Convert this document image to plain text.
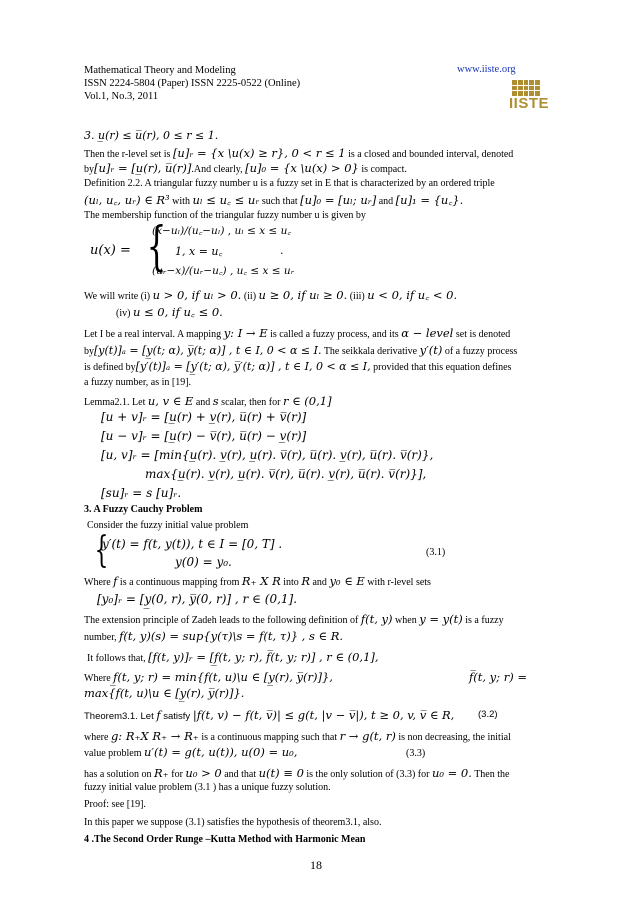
Mathematical Theory and Modeling
ISSN 2224-5804 (Paper) ISSN 2225-0522 (Online)
Vol.1, No.3, 2011
www.iiste.org
IISTE
3. u̲(r) ≤ u̅(r), 0 ≤ r ≤ 1.
Then the r-level set is [u]ᵣ = {x \u(x) ≥ r}, 0 < r ≤ 1 is a closed and bounded interval, denoted
by[u]ᵣ = [u̲(r), u̅(r)].And clearly, [u]₀ = {x \u(x) > 0} is compact.
Definition 2.2. A triangular fuzzy number u is a fuzzy set in E that is characterized by an ordered triple
(uₗ, u꜀, uᵣ) ∈ R³ with uₗ ≤ u꜀ ≤ uᵣ such that [u]₀ = [uₗ; uᵣ] and [u]₁ = {u꜀}.
The membership function of the triangular fuzzy number u is given by
u(x) = {
(x−uₗ)/(u꜀−uₗ) , uₗ ≤ x ≤ u꜀
1, x = u꜀	.
(uᵣ−x)/(uᵣ−u꜀) , u꜀ ≤ x ≤ uᵣ
We will write (i) u > 0, if uₗ > 0. (ii) u ≥ 0, if uₗ ≥ 0. (iii) u < 0, if u꜀ < 0.
(iv) u ≤ 0, if u꜀ ≤ 0.
Let I be a real interval. A mapping y: I → E is called a fuzzy process, and its α − level set is denoted
by[y(t)]ₐ = [y̲(t; α), y̅(t; α)] , t ∈ I, 0 < α ≤ I. The seikkala derivative y′(t) of a fuzzy process
is defined by[y′(t)]ₐ = [y̲′(t; α), y̅′(t; α)] , t ∈ I, 0 < α ≤ I, provided that this equation defines
a fuzzy number, as in [19].
Lemma2.1. Let u, v ∈ E and s scalar, then for r ∈ (0,1]
[u + v]ᵣ = [u̲(r) + v̲(r), u̅(r) + v̅(r)]
[u − v]ᵣ = [u̲(r) − v̅(r), u̅(r) − v̲(r)]
[u, v]ᵣ = [min{u̲(r). v̲(r), u̲(r). v̅(r), u̅(r). v̲(r), u̅(r). v̅(r)},
max{u̲(r). v̲(r), u̲(r). v̅(r), u̅(r). v̲(r), u̅(r). v̅(r)}],
[su]ᵣ = s [u]ᵣ.
3. A Fuzzy Cauchy Problem
Consider the fuzzy initial value problem
{
y′(t) = f(t, y(t)), t ∈ I = [0, T] .
y(0) = y₀.
(3.1)
Where f is a continuous mapping from R₊ X R into R and y₀ ∈ E with r-level sets
[y₀]ᵣ = [y̲(0, r), y̅(0, r)] , r ∈ (0,1].
The extension principle of Zadeh leads to the following definition of f(t, y) when y = y(t) is a fuzzy
number, f(t, y)(s) = sup{y(τ)\s = f(t, τ)} , s ∈ R.
It follows that, [f(t, y)]ᵣ = [f̲(t, y; r), f̅(t, y; r)] , r ∈ (0,1],
Where f̲(t, y; r) = min{f(t, u)\u ∈ [y̲(r), y̅(r)]},	f̅(t, y; r) =
max{f(t, u)\u ∈ [y̲(r), y̅(r)]}.
Theorem3.1. Let f satisfy |f(t, v) − f(t, v̅)| ≤ g(t, |v − v̅|), t ≥ 0, v, v̅ ∈ R, (3.2)
where g: R₊X R₊ → R₊ is a continuous mapping such that r → g(t, r) is non decreasing, the initial
value problem u′(t) = g(t, u(t)), u(0) = u₀,	(3.3)
has a solution on R₊ for u₀ > 0 and that u(t) ≡ 0 is the only solution of (3.3) for u₀ = 0. Then the
fuzzy initial value problem (3.1 ) has a unique fuzzy solution.
Proof: see [19].
In this paper we suppose (3.1) satisfies the hypothesis of theorem3.1, also.
4 .The Second Order Runge –Kutta Method with Harmonic Mean
18
